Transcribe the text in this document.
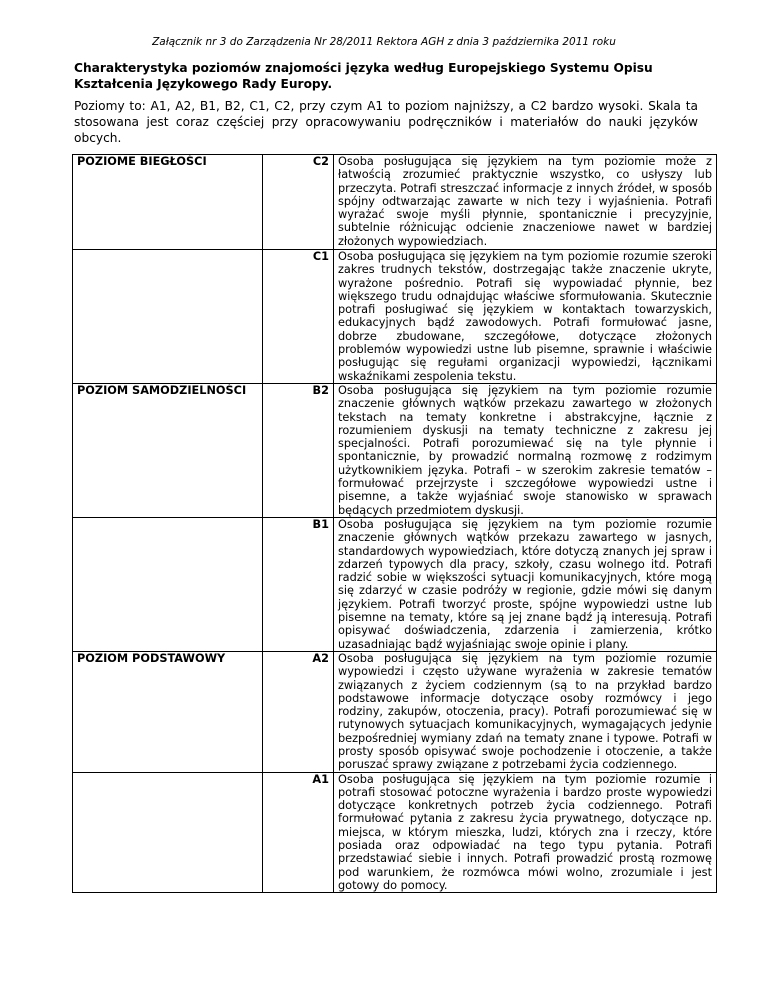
Załącznik nr 3 do Zarządzenia Nr 28/2011 Rektora AGH z dnia 3 października 2011 roku
Charakterystyka poziomów znajomości języka według Europejskiego Systemu Opisu Kształcenia Językowego Rady Europy.
Poziomy to: A1, A2, B1, B2, C1, C2, przy czym A1 to poziom najniższy, a C2 bardzo wysoki. Skala ta stosowana jest coraz częściej przy opracowywaniu podręczników i materiałów do nauki języków obcych.
POZIOME BIEGŁOŚCI	C2	Osoba posługująca się językiem na tym poziomie może z łatwością zrozumieć praktycznie wszystko, co usłyszy lub przeczyta. Potrafi streszczać informacje z innych źródeł, w sposób spójny odtwarzając zawarte w nich tezy i wyjaśnienia. Potrafi wyrażać swoje myśli płynnie, spontanicznie i precyzyjnie, subtelnie różnicując odcienie znaczeniowe nawet w bardziej złożonych wypowiedziach.
	C1	Osoba posługująca się językiem na tym poziomie rozumie szeroki zakres trudnych tekstów, dostrzegając także znaczenie ukryte, wyrażone pośrednio. Potrafi się wypowiadać płynnie, bez większego trudu odnajdując właściwe sformułowania. Skutecznie potrafi posługiwać się językiem w kontaktach towarzyskich, edukacyjnych bądź zawodowych. Potrafi formułować jasne, dobrze zbudowane, szczegółowe, dotyczące złożonych problemów wypowiedzi ustne lub pisemne, sprawnie i właściwie posługując się regułami organizacji wypowiedzi, łącznikami wskaźnikami zespolenia tekstu.
POZIOM SAMODZIELNOŚCI	B2	Osoba posługująca się językiem na tym poziomie rozumie znaczenie głównych wątków przekazu zawartego w złożonych tekstach na tematy konkretne i abstrakcyjne, łącznie z rozumieniem dyskusji na tematy techniczne z zakresu jej specjalności. Potrafi porozumiewać się na tyle płynnie i spontanicznie, by prowadzić normalną rozmowę z rodzimym użytkownikiem języka. Potrafi – w szerokim zakresie tematów – formułować przejrzyste i szczegółowe wypowiedzi ustne i pisemne, a także wyjaśniać swoje stanowisko w sprawach będących przedmiotem dyskusji.
	B1	Osoba posługująca się językiem na tym poziomie rozumie znaczenie głównych wątków przekazu zawartego w jasnych, standardowych wypowiedziach, które dotyczą znanych jej spraw i zdarzeń typowych dla pracy, szkoły, czasu wolnego itd. Potrafi radzić sobie w większości sytuacji komunikacyjnych, które mogą się zdarzyć w czasie podróży w regionie, gdzie mówi się danym językiem. Potrafi tworzyć proste, spójne wypowiedzi ustne lub pisemne na tematy, które są jej znane bądź ją interesują. Potrafi opisywać doświadczenia, zdarzenia i zamierzenia, krótko uzasadniając bądź wyjaśniając swoje opinie i plany.
POZIOM PODSTAWOWY	A2	Osoba posługująca się językiem na tym poziomie rozumie wypowiedzi i często używane wyrażenia w zakresie tematów związanych z życiem codziennym (są to na przykład bardzo podstawowe informacje dotyczące osoby rozmówcy i jego rodziny, zakupów, otoczenia, pracy). Potrafi porozumiewać się w rutynowych sytuacjach komunikacyjnych, wymagających jedynie bezpośredniej wymiany zdań na tematy znane i typowe. Potrafi w prosty sposób opisywać swoje pochodzenie i otoczenie, a także poruszać sprawy związane z potrzebami życia codziennego.
	A1	Osoba posługująca się językiem na tym poziomie rozumie i potrafi stosować potoczne wyrażenia i bardzo proste wypowiedzi dotyczące konkretnych potrzeb życia codziennego. Potrafi formułować pytania z zakresu życia prywatnego, dotyczące np. miejsca, w którym mieszka, ludzi, których zna i rzeczy, które posiada oraz odpowiadać na tego typu pytania. Potrafi przedstawiać siebie i innych. Potrafi prowadzić prostą rozmowę pod warunkiem, że rozmówca mówi wolno, zrozumiale i jest gotowy do pomocy.
